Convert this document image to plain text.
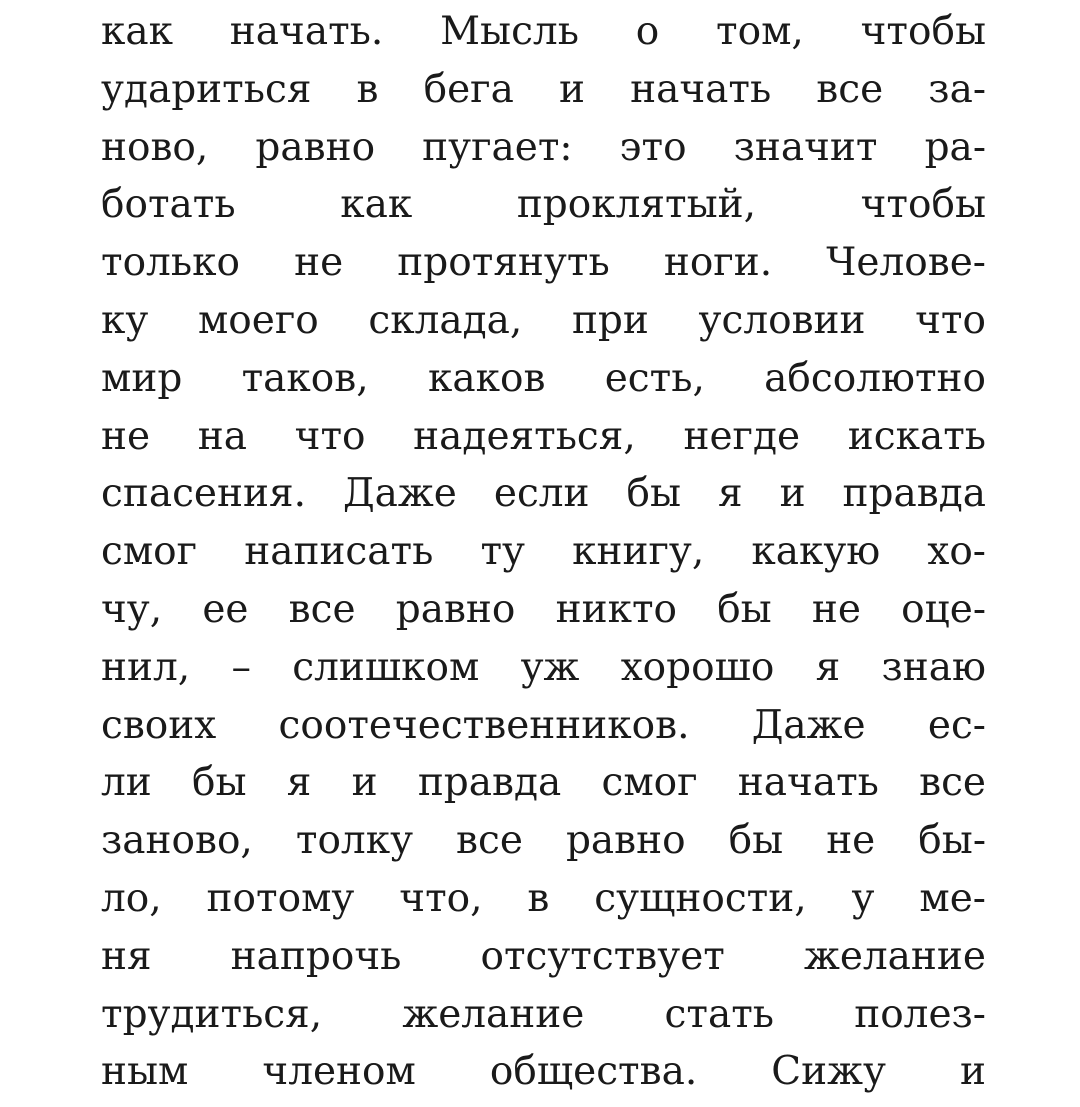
как начать. Мысль о том, чтобы
удариться в бега и начать все за-
ново, равно пугает: это значит ра-
ботать как проклятый, чтобы
только не протянуть ноги. Челове-
ку моего склада, при условии что
мир таков, каков есть, абсолютно
не на что надеяться, негде искать
спасения. Даже если бы я и правда
смог написать ту книгу, какую хо-
чу, ее все равно никто бы не оце-
нил, – слишком уж хорошо я знаю
своих соотечественников. Даже ес-
ли бы я и правда смог начать все
заново, толку все равно бы не бы-
ло, потому что, в сущности, у ме-
ня напрочь отсутствует желание
трудиться, желание стать полез-
ным членом общества. Сижу и
